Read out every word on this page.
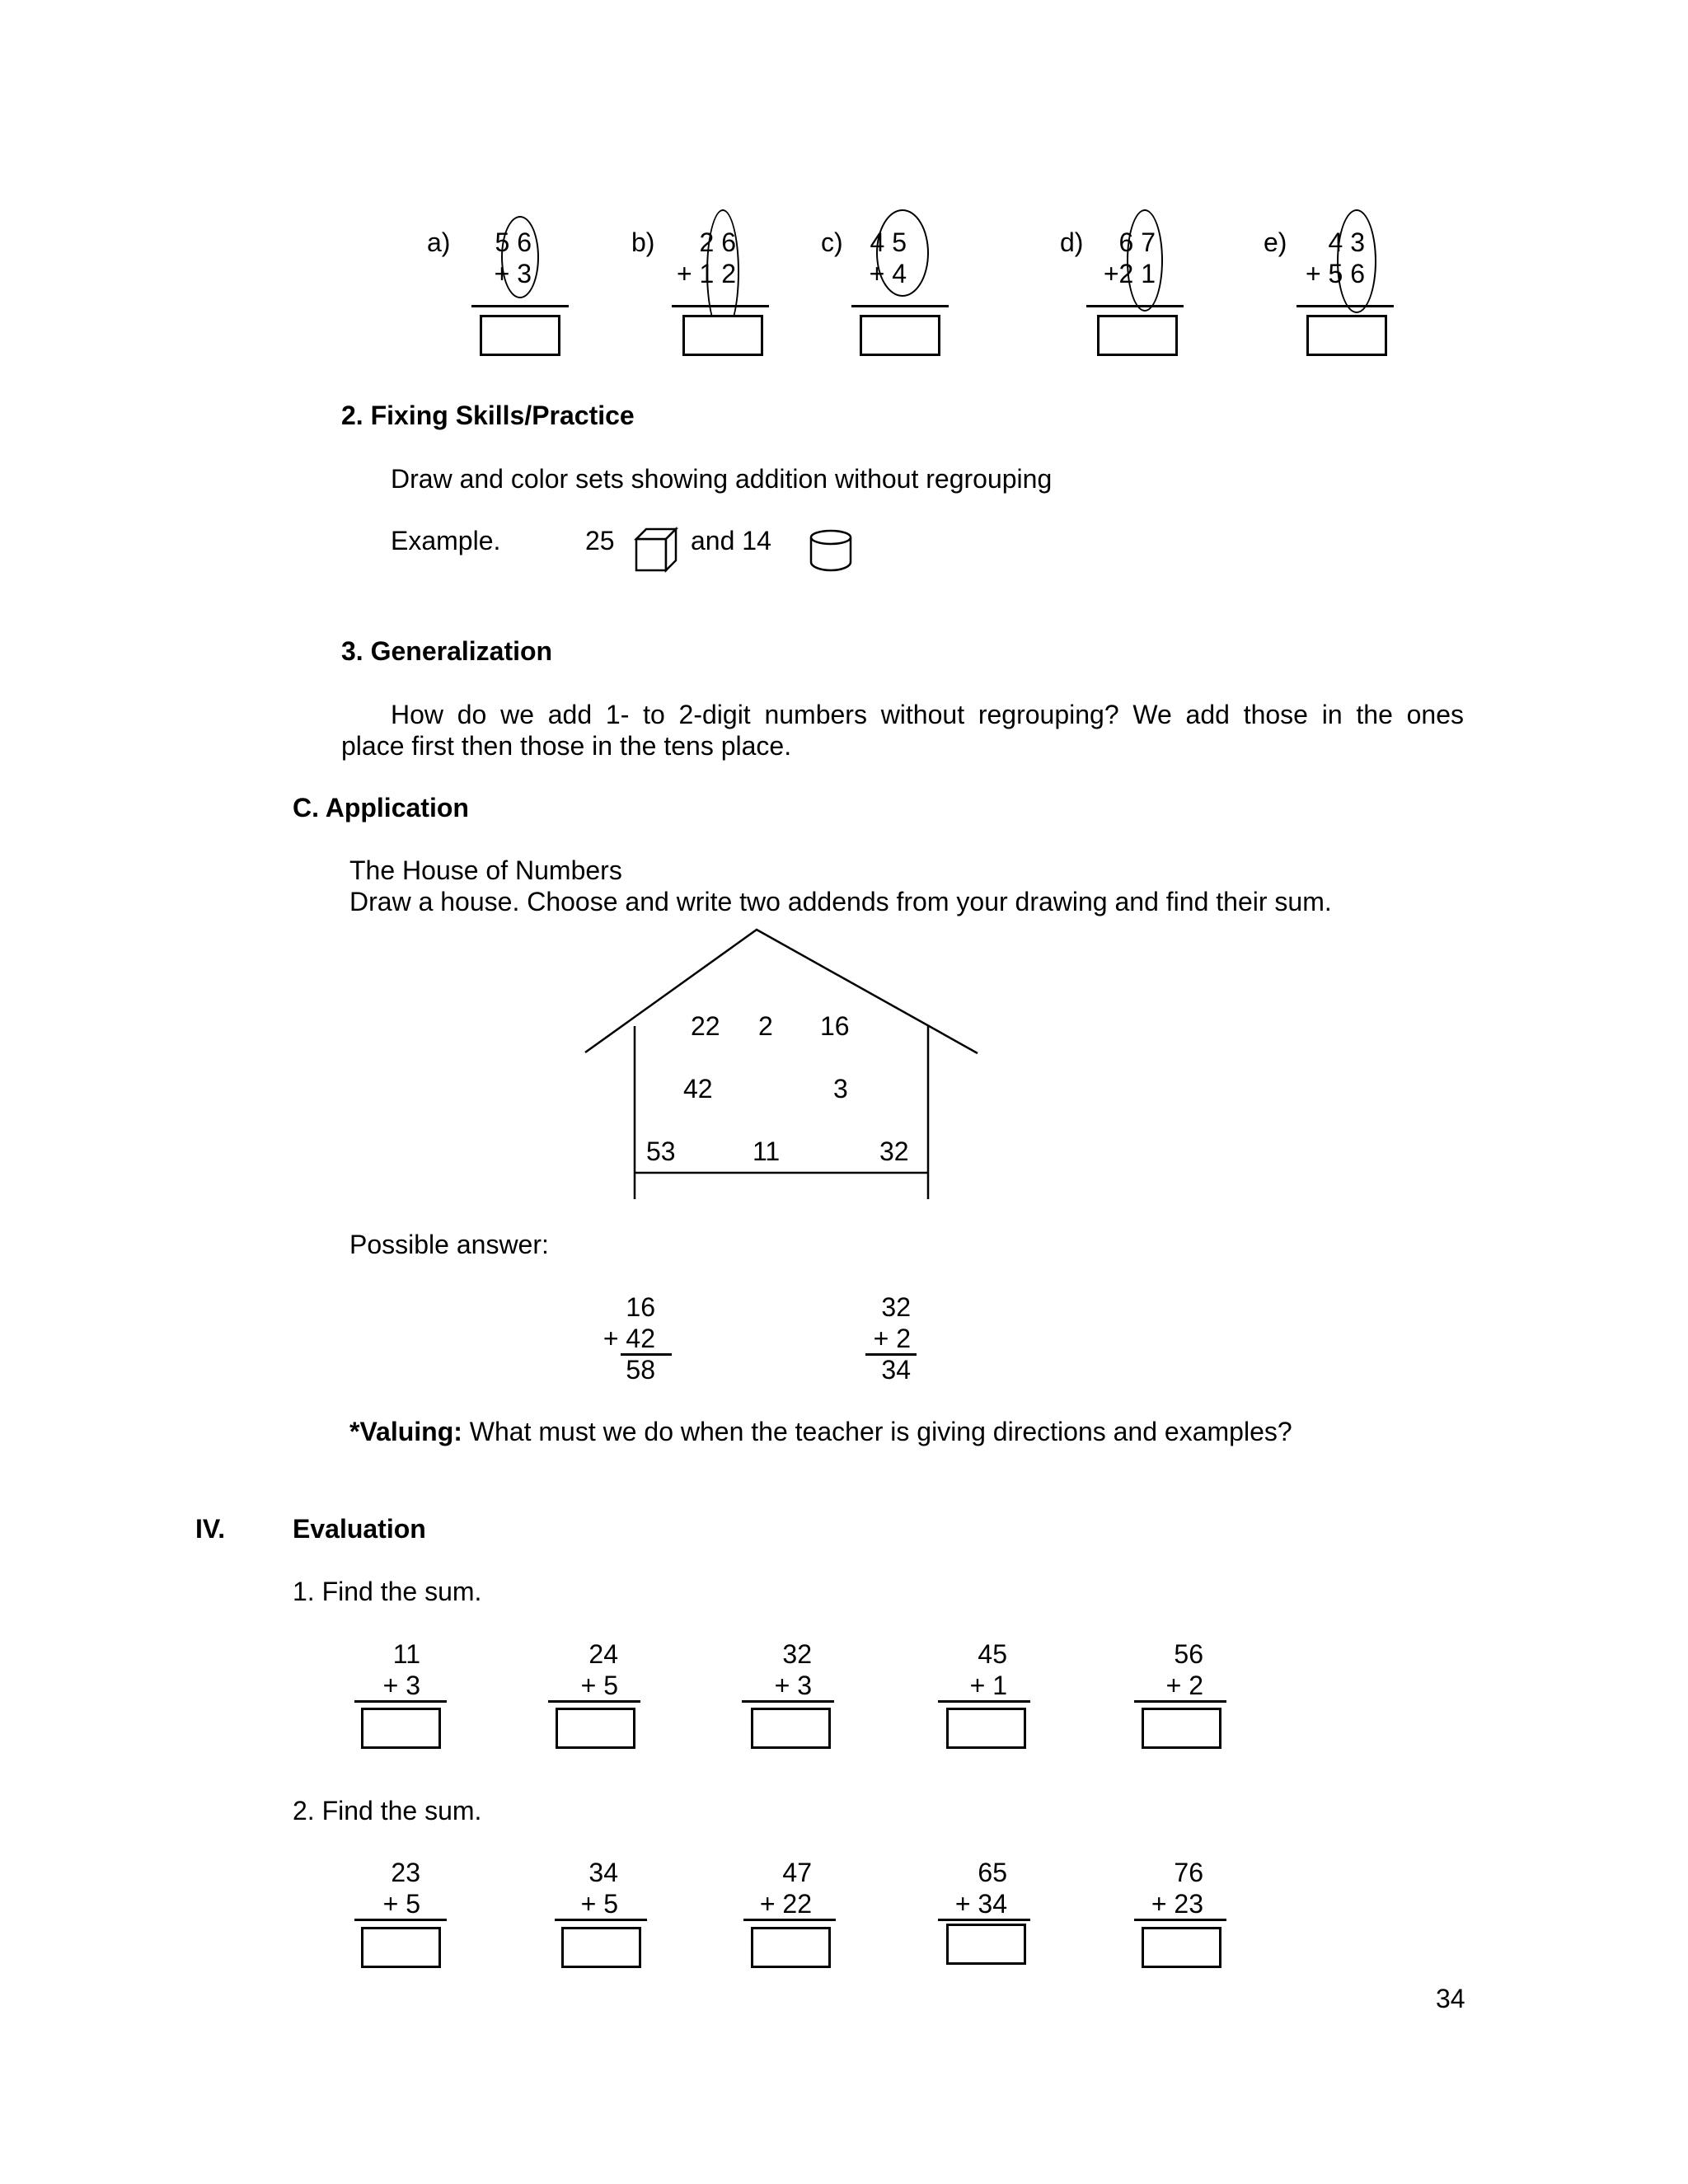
a)	5 6
+ 3
b)	2 6
+ 1 2
c)	4 5
+ 4
d)	6 7
+2 1
e)	4 3
+ 5 6
2. Fixing Skills/Practice
Draw and color sets showing addition without regrouping
Example.	25	and 14
3. Generalization
How do we add 1- to 2-digit numbers without regrouping? We add those in the ones
place first then those in the tens place.
C. Application
The House of Numbers
Draw a house. Choose and write two addends from your drawing and find their sum.
22 2 16
42	3
53	11	32
Possible answer:
16
+ 42
58
32
+ 2
34
*Valuing: What must we do when the teacher is giving directions and examples?
IV.	Evaluation
1. Find the sum.
11
+ 3
24
+ 5
32
+ 3
45
+ 1
56
+ 2
2. Find the sum.
23
+ 5
34
+ 5
47
+ 22
65
+ 34
76
+ 23
34
